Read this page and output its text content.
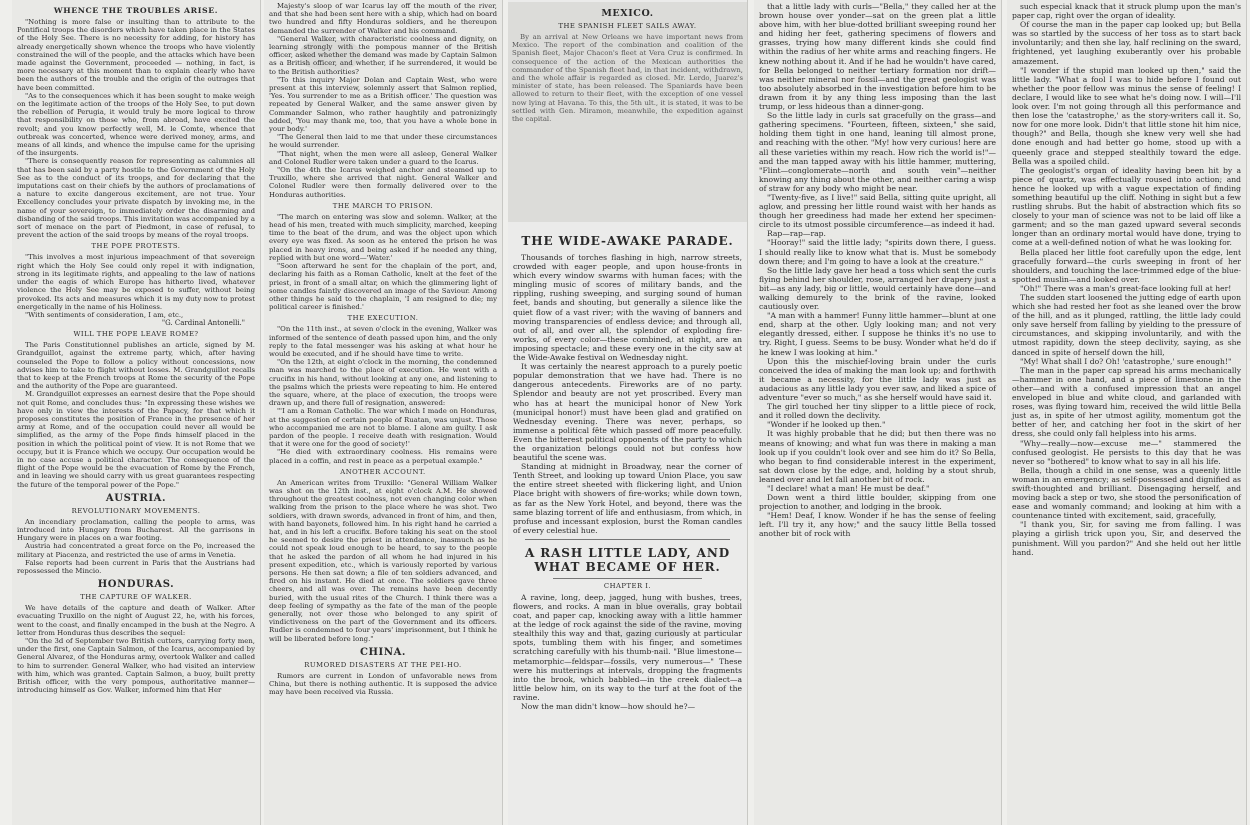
WHENCE THE TROUBLES ARISE.

"Nothing is more false or insulting than to attribute to the Pontifical troops the disorders which have taken place in the States of the Holy See. There is no necessity for adding, for history has already energetically shown whence the troops who have violently constrained the will of the people, and the attacks which have been made against the Government, proceeded — nothing, in fact, is more necessary at this moment than to explain clearly who have been the authors of the trouble and the origin of the outrages that have been committed.

"As to the consequences which it has been sought to make weigh on the legitimate action of the troops of the Holy See, to put down the rebellion of Perugia, it would truly be more logical to throw that responsibility on those who, from abroad, have excited the revolt; and you know perfectly well, M. le Comte, whence that outbreak was concerted, whence were derived money, arms, and means of all kinds, and whence the impulse came for the uprising of the insurgents.

"There is consequently reason for representing as calumnies all that has been said by a party hostile to the Government of the Holy See as to the conduct of its troops, and for declaring that the imputations cast on their chiefs by the authors of proclamations of a nature to excite dangerous excitement, are not true. Your Excellency concludes your private dispatch by invoking me, in the name of your sovereign, to immediately order the disarming and disbanding of the said troops. This invitation was accompanied by a sort of menace on the part of Piedmont, in case of refusal, to prevent the action of the said troops by means of the royal troops.

THE POPE PROTESTS.

"This involves a most injurious impeachment of that sovereign right which the Holy See could only repel it with indignation, strong in its legitimate rights, and appealing to the law of nations under the eagis of which Europe has hitherto lived, whatever violence the Holy See may be exposed to suffer, without being provoked. Its acts and measures which it is my duty now to protest energetically in the name of his Holiness.

"With sentiments of consideration, I am, etc.,

"G. Cardinal Antonelli."
WILL THE POPE LEAVE ROME?

The Paris Constitutionnel publishes an article, signed by M. Grandguillot, against the extreme party, which, after having counseled the Pope to follow a policy without concessions, now advises him to take to flight without losses. M. Grandguillot recalls that to keep at the French troops at Rome the security of the Pope and the authority of the Pope are guaranteed.

M. Grandguillot expresses an earnest desire that the Pope should not quit Rome, and concludes thus: "In expressing these wishes we have only in view the interests of the Papacy, for that which it proposes constitutes the position of France in the presence of her army at Rome, and of the occupation could never all would be simplified, as the army of the Pope finds himself placed in the position in which the political point of view. It is not Rome that we occupy, but it is France which we occupy. Our occupation would be in no case accuse a political character. The consequence of the flight of the Pope would be the evacuation of Rome by the French, and in leaving we should carry with us great guarantees respecting the future of the temporal power of the Pope."

AUSTRIA.
REVOLUTIONARY MOVEMENTS.

An incendiary proclamation, calling the people to arms, was introduced into Hungary from Bucharest. All the garrisons in Hungary were in places on a war footing.

Austria had concentrated a great force on the Po, increased the military at Piacenza, and restricted the use of arms in Venetia.

False reports had been current in Paris that the Austrians had repossessed the Mincio.

HONDURAS.
THE CAPTURE OF WALKER.

We have details of the capture and death of Walker. After evacuating Truxillo on the night of August 22, he, with his forces, went to the coast, and finally encamped in the bush at the Negro. A letter from Honduras thus describes the sequel:

"On the 3d of September two British cutters, carrying forty men, under the first, one Captain Salmon, of the Icarus, accompanied by General Alvarez, of the Honduras army, overtook Walker and called to him to surrender. General Walker, who had visited an interview with him, which was granted. Captain Salmon, a buoy, built pretty British officer, with the very pompous, authoritative manner—introducing himself as Gov. Walker, informed him that Her

Majesty's sloop of war Icarus lay off the mouth of the river, and that she had been sent here with a ship, which had on board two hundred and fifty Honduras soldiers, and he thereupon demanded the surrender of Walker and his command.

"General Walker, with characteristic coolness and dignity, on learning strongly with the pompous manner of the British officer, asked whether the demand was made by Captain Salmon as a British officer, and whether, if he surrendered, it would be to the British authorities?

"To this inquiry Major Dolan and Captain West, who were present at this interview, solemnly assert that Salmon replied, 'Yes. You surrender to me as a British officer.' The question was repeated by General Walker, and the same answer given by Commander Salmon, who rather haughtily and patronizingly added, 'You may thank me, too, that you have a whole bone in your body.'

"The General then laid to me that under these circumstances he would surrender.

"That night, when the men were all asleep, General Walker and Colonel Rudler were taken under a guard to the Icarus.

"On the 4th the Icarus weighed anchor and steamed up to Truxillo, where she arrived that night. General Walker and Colonel Rudler were then formally delivered over to the Honduras authorities.

THE MARCH TO PRISON.

"The march on entering was slow and solemn. Walker, at the head of his men, treated with much simplicity, marched, keeping time to the beat of the drum, and was the object upon which every eye was fixed. As soon as he entered the prison he was placed in heavy irons, and being asked if he needed any thing, replied with but one word—'Water.'

"Soon afterward he sent for the chaplain of the port, and, declaring his faith as a Roman Catholic, knelt at the feet of the priest, in front of a small altar, on which the glimmering light of some candles faintly discovered an image of the Saviour. Among other things he said to the chaplain, 'I am resigned to die; my political career is finished.'

THE EXECUTION.

"On the 11th inst., at seven o'clock in the evening, Walker was informed of the sentence of death passed upon him, and the only reply to the fatal messenger was his asking at what hour he would be executed, and if he should have time to write.

"On the 12th, at eight o'clock in the morning, the condemned man was marched to the place of execution. He went with a crucifix in his hand, without looking at any one, and listening to the psalms which the priests were repeating to him. He entered the square, where, at the place of execution, the troops were drawn up, and there full of resignation, answered:

"'I am a Roman Catholic. The war which I made on Honduras, at the suggestion of certain people of Ruatan, was unjust. Those who accompanied me are not to blame. I alone am guilty. I ask pardon of the people. I receive death with resignation. Would that it were one for the good of society!'

"He died with extraordinary coolness. His remains were placed in a coffin, and rest in peace as a perpetual example."

ANOTHER ACCOUNT.

An American writes from Truxillo: "General William Walker was shot on the 12th inst., at eight o'clock A.M. He showed throughout the greatest coolness, not even changing color when walking from the prison to the place where he was shot. Two soldiers, with drawn swords, advanced in front of him, and then, with hand bayonets, followed him. In his right hand he carried a hat, and in his left a crucifix. Before taking his seat on the stool he seemed to desire the priest in attendance, inasmuch as he could not speak loud enough to be heard, to say to the people that he asked the pardon of all whom he had injured in his present expedition, etc., which is variously reported by various persons. He then sat down; a file of ten soldiers advanced, and fired on his instant. He died at once. The soldiers gave three cheers, and all was over. The remains have been decently buried, with the usual rites of the Church. I think there was a deep feeling of sympathy as the fate of the man of the people generally, not over those who belonged to any spirit of vindictiveness on the part of the Government and its officers. Rudler is condemned to four years' imprisonment, but I think he will be liberated before long."

CHINA.
RUMORED DISASTERS AT THE PEI-HO.

Rumors are current in London of unfavorable news from China, but there is nothing authentic. It is supposed the advice may have been received via Russia.

MEXICO.
THE SPANISH FLEET SAILS AWAY.

By an arrival at New Orleans we have important news from Mexico. The report of the combination and coalition of the Spanish fleet, Major Chacon's fleet at Vera Cruz is confirmed. In consequence of the action of the Mexican authorities the commander of the Spanish fleet had, in that incident, withdrawn, and the whole affair is regarded as closed. Mr. Lerdo, Juarez's minister of state, has been released. The Spaniards have been allowed to return to their fleet, with the exception of one vessel now lying at Havana. To this, the 5th ult., it is stated, it was to be settled with Gen. Miramon, meanwhile, the expedition against the capital.

THE WIDE-AWAKE PARADE.

Thousands of torches flashing in high, narrow streets, crowded with eager people, and upon house-fronts in which every window swarms with human faces; with the mingling music of scores of military bands, and the rippling, rushing sweeping, and surging sound of human feet, bands and shouting, but generally a silence like the quiet flow of a vast river; with the waving of banners and moving transparencies of endless device; and through all, out of all, and over all, the splendor of exploding fire-works, of every color—these combined, at night, are an imposing spectacle; and these every one in the city saw at the Wide-Awake festival on Wednesday night.

It was certainly the nearest approach to a purely poetic popular demonstration that we have had. There is no dangerous antecedents. Fireworks are of no party. Splendor and beauty are not yet proscribed. Every man who has at heart the municipal honor of New York (municipal honor!) must have been glad and gratified on Wednesday evening. There was never, perhaps, so immense a political fête which passed off more peacefully. Even the bitterest political opponents of the party to which the organization belongs could not but confess how beautiful the scene was.

Standing at midnight in Broadway, near the corner of Tenth Street, and looking up toward Union Place, you saw the entire street sheeted with flickering light, and Union Place bright with showers of fire-works; while down town, as far as the New York Hotel, and beyond, there was the same blazing torrent of life and enthusiasm, from which, in profuse and incessant explosion, burst the Roman candles of every celestial hue.

A RASH LITTLE LADY, AND
WHAT BECAME OF HER.
CHAPTER I.

A ravine, long, deep, jagged, hung with bushes, trees, flowers, and rocks. A man in blue overalls, gray bobtail coat, and paper cap, knocking away with a little hammer at the ledge of rock against the side of the ravine, moving stealthily this way and that, gazing curiously at particular spots, tumbling them with his finger, and sometimes scratching carefully with his thumb-nail. "Blue limestone—metamorphic—feldspar—fossils, very numerous—" These were his mutterings at intervals, dropping the fragments into the brook, which babbled—in the creek dialect—a little below him, on its way to the turf at the foot of the ravine.

Now the man didn't know—how should he?—

that a little lady with curls—"Bella," they called her at the brown house over yonder—sat on the green plat a little above him, with her blue-dotted brilliant sweeping round her and hiding her feet, gathering specimens of flowers and grasses, trying how many different kinds she could find within the radius of her white arms and reaching fingers. He knew nothing about it. And if he had he wouldn't have cared, for Bella belonged to neither tertiary formation nor drift—was neither mineral nor fossil—and the great geologist was too absolutely absorbed in the investigation before him to be drawn from it by any thing less imposing than the last trump, or less hideous than a dinner-gong.

So the little lady in curls sat gracefully on the grass—and gathering specimens. "Fourteen, fifteen, sixteen," she said, holding them tight in one hand, leaning till almost prone, and reaching with the other. "My! how very curious! here are all these varieties within my reach. How rich the world is!"—and the man tapped away with his little hammer, muttering, "Flint—conglomerate—north and south vein"—neither knowing any thing about the other, and neither caring a wisp of straw for any body who might be near.

"Twenty-five, as I live!" said Bella, sitting quite upright, all aglow, and pressing her little round waist with her hands as though her greediness had made her extend her specimen-circle to its utmost possible circumference—as indeed it had.

Rap—rap—rap.

"Hooray!" said the little lady; "spirits down there, I guess. I should really like to know what that is. Must be somebody down there; and I'm going to have a look at the creature."

So the little lady gave her head a toss which sent the curls flying behind her shoulder, rose, arranged her drapery just a bit—as any lady, big or little, would certainly have done—and walking demurely to the brink of the ravine, looked cautiously over.

"A man with a hammer! Funny little hammer—blunt at one end, sharp at the other. Ugly looking man; and not very elegantly dressed, either. I suppose he thinks it's no use to try. Right, I guess. Seems to be busy. Wonder what he'd do if he knew I was looking at him."

Upon this the mischief-loving brain under the curls conceived the idea of making the man look up; and forthwith it became a necessity, for the little lady was just as audacious as any little lady you ever saw, and liked a spice of adventure "ever so much," as she herself would have said it.

The girl touched her tiny slipper to a little piece of rock, and it rolled down the declivity.

"Wonder if he looked up then."

It was highly probable that he did; but then there was no means of knowing; and what fun was there in making a man look up if you couldn't look over and see him do it? So Bella, who began to find considerable interest in the experiment, sat down close by the edge, and, holding by a stout shrub, leaned over and let fall another bit of rock.

"I declare! what a man! He must be deaf."

Down went a third little boulder, skipping from one projection to another, and lodging in the brook.

"Hem! Deaf, I know. Wonder if he has the sense of feeling left. I'll try it, any how;" and the saucy little Bella tossed another bit of rock with

such especial knack that it struck plump upon the man's paper cap, right over the organ of ideality.

Of course the man in the paper cap looked up; but Bella was so startled by the success of her toss as to start back involuntarily; and then she lay, half reclining on the sward, frightened, yet laughing exuberantly over his probable amazement.

"I wonder if the stupid man looked up then," said the little lady. "What a fool I was to hide before I found out whether the poor fellow was minus the sense of feeling! I declare, I would like to see what he's doing now. I will—I'll look over. I'm not going through all this performance and then lose the 'catastrophe,' as the story-writers call it. So, now for one more look. Didn't that little stone hit him nice, though?" and Bella, though she knew very well she had done enough and had better go home, stood up with a queenly grace and stepped stealthily toward the edge. Bella was a spoiled child.

The geologist's organ of ideality having been hit by a piece of quartz, was effectually roused into action; and hence he looked up with a vague expectation of finding something beautiful up the cliff. Nothing in sight but a few rustling shrubs. But the habit of abstraction which fits so closely to your man of science was not to be laid off like a garment; and so the man gazed upward several seconds longer than an ordinary mortal would have done, trying to come at a well-defined notion of what he was looking for.

Bella placed her little foot carefully upon the edge, lent gracefully forward—the curls sweeping in front of her shoulders, and touching the lace-trimmed edge of the blue-spotted muslin—and looked over.

"Oh!" There was a man's great-face looking full at her!

The sudden start loosened the jutting edge of earth upon which she had rested her foot as she leaned over the brow of the hill, and as it plunged, rattling, the little lady could only save herself from falling by yielding to the pressure of circumstances, and skipping involuntarily, and with the utmost rapidity, down the steep declivity, saying, as she danced in spite of herself down the hill,

"My! What shall I do? Oh! 'catastrophe,' sure enough!"

The man in the paper cap spread his arms mechanically—hammer in one hand, and a piece of limestone in the other—and with a confused impression that an angel enveloped in blue and white cloud, and garlanded with roses, was flying toward him, received the wild little Bella just as, in spite of her utmost agility, momentum got the better of her, and catching her foot in the skirt of her dress, she could only fall helpless into his arms.

"Why—really—now—excuse me—" stammered the confused geologist. He persists to this day that he was never so "bothered" to know what to say in all his life.

Bella, though a child in one sense, was a queenly little woman in an emergency; as self-possessed and dignified as swift-thoughted and brilliant. Disengaging herself, and moving back a step or two, she stood the personification of ease and womanly command; and looking at him with a countenance tinted with excitement, said, gracefully,

"I thank you, Sir, for saving me from falling. I was playing a girlish trick upon you, Sir, and deserved the punishment. Will you pardon?" And she held out her little hand.
